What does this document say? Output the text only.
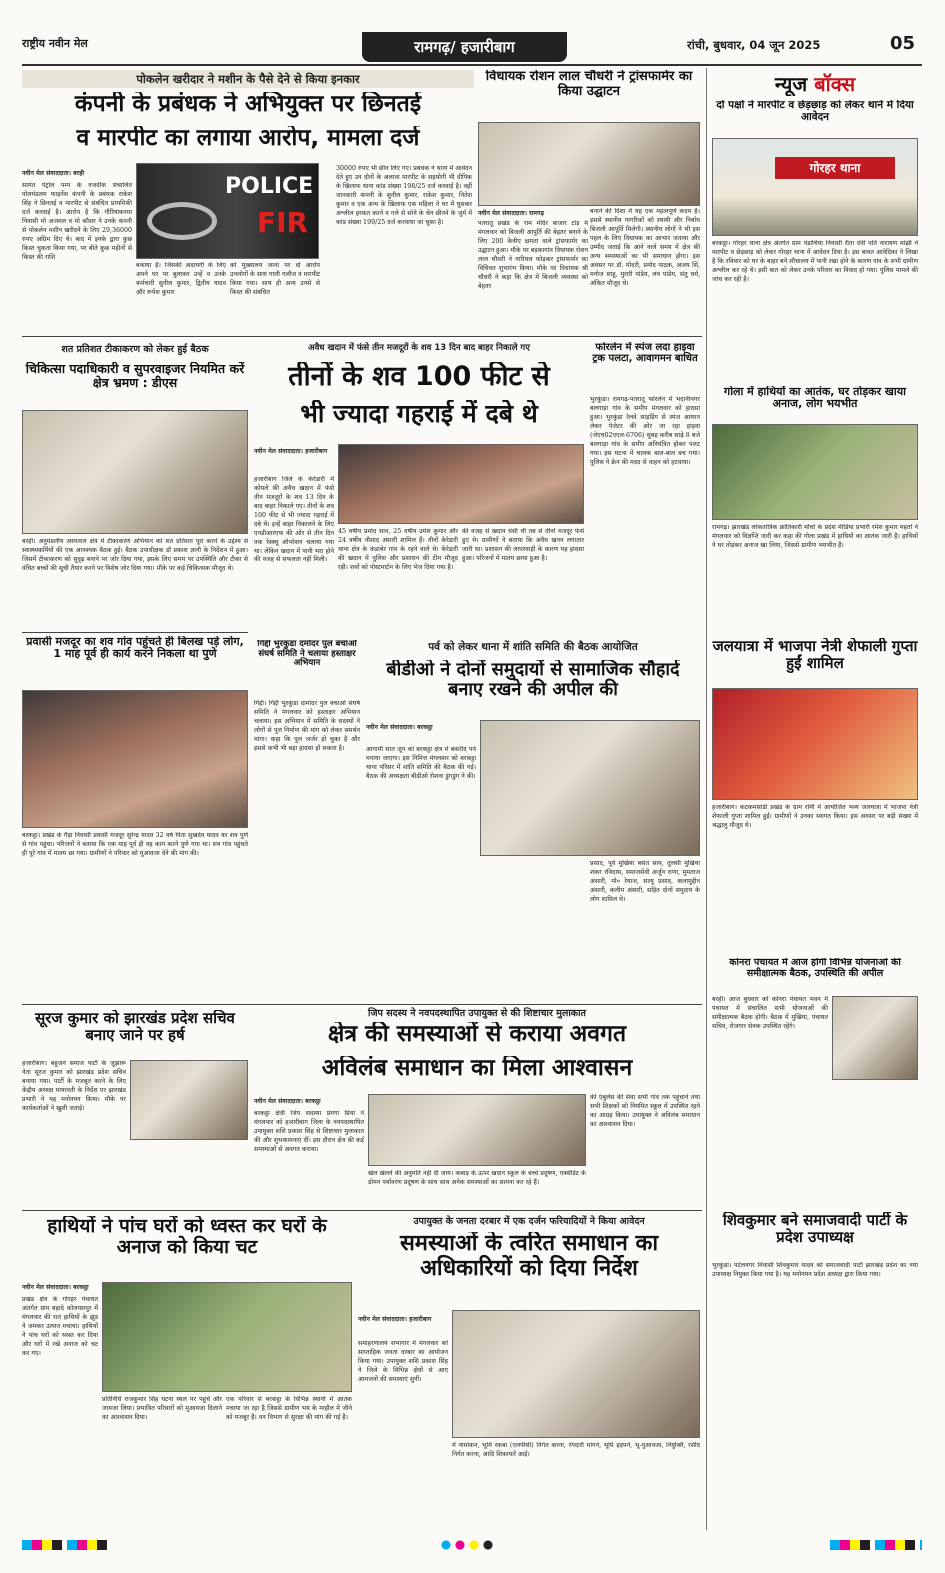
राष्ट्रीय नवीन मेल	रामगढ़/ हजारीबाग	रांची, बुधवार, 04 जून 2025	05
पोकलेन खरीदार ने मशीन के पैसे देने से किया इनकार
कंपनी के प्रबंधक ने अभियुक्त पर छिनतई
व मारपीट का लगाया आरोप, मामला दर्ज
नवीन मेल संवाददाता। बरही
POLICE
FIR
सामंत पेट्रोल पम्प के नजदीक संचालित पोलमंडलम फाइनेंस कंपनी के प्रबंधक राकेश सिंह ने छिनतई व मारपीट से संबंधित प्राथमिकी दर्ज करवाई है। आरोप है कि गौरियाकरमा निवासी मो अजमल व मो कौसर ने उनके कंपनी से पोकलेन मशीन खरीदने के लिए 29,36000 रुपए अग्रिम दिए थे। बाद में इनके द्वारा कुछ किस्त चुकता किया गया, पर बीते कुछ महीनों से किस्त की राशि
बकाया है। जिसकी अदायगी के लिए अपने घर पर बुलाकर उन्हें व उनके कर्मचारी सुनील कुमार, द्वितीय यादव और रूपेश कुमार
को मुख्यालय जाना पर दो आरोप उनलोगों के साथ गाली गलौज व मारपीट किया गया। साथ ही अन्य उनसे से किस्त की संबंधित
30000 रुपए भी छीन लिए गए। प्रबंधक ने थाना में आवेदन देते हुए उन दोनों के अलावा मारपीट के सहयोगी भी दीपिक के खिलाफ थाना कांड संख्या 198/25 दर्ज करवाई है। वहीं जानकारी कंपनी के सुनील कुमार, राकेश कुमार, नितेश कुमार व एक अन्य के खिलाफ एक महिला ने घर में घुसकर अश्लील हरकत करने व गले से सोने के चेन छीनने के जुर्म में कांड संख्या 199/25 दर्ज करवाया जा चुका है।
विधायक रोशन लाल चौधरी ने ट्रांसफार्मर का किया उद्घाटन
नवीन मेल संवाददाता। रामगढ़
पतरातू प्रखंड के राम मंदिर बाजार टांड़ में मंगलवार को बिजली आपूर्ति की बेहतर बनाने के लिए 200 केवीए क्षमता वाले ट्रांसफार्मर का उद्घाटन हुआ। मौके पर बड़कागांव विधायक रोशन लाल चौधरी ने नारियल फोड़कर ट्रांसफार्मर का विधिवत शुभारंभ किया। मौके पर विधायक श्री चौधरी ने कहा कि क्षेत्र में बिजली व्यवस्था को बेहतर
बनाने की दिशा में यह एक महत्वपूर्ण कदम है। इससे स्थानीय नागरिकों को स्थायी और निर्बाध बिजली आपूर्ति मिलेगी। स्थानीय लोगों ने भी इस पहल के लिए विधायक का आभार जताया और उम्मीद जताई कि आने वाले समय में क्षेत्र की अन्य समस्याओं का भी समाधान होगा। इस अवसर पर डॉ. मोदरी, प्रमोद पाठक, अजय सिं, मनोज साहू, मुरारी पांडेय, लव पांडेय, संतु धर्म, अंकित मौजूद थे।
न्यूज बॉक्स
दो पक्षों ने मारपीट व छेड़छाड़ को लेकर थाने में दिया आवेदन
गोरहर थाना
बरकट्ठा। गोरहर थाना क्षेत्र अंतर्गत ग्राम पंडाचिया निवासी रीता देवी पति नारायण मांझी ने मारपीट व छेड़छाड़ को लेकर गोरहर थाना में आवेदन दिया है। इस बावत आवेदिका ने लिखा है कि रविवार को घर के बाहर बने शौचालय में पानी रखा होने के कारण गांव के सभी ग्रामीण अश्लील कर रहे थे। इसी बात को लेकर उनके परिवार का विवाद हो गया। पुलिस मामले की जांच कर रही है।
गोला में हाथियों का आतंक, घर तोड़कर खाया अनाज, लोग भयभीत
रामगढ़। झारखंड लोकतांत्रिक क्रांतिकारी मोर्चा के प्रदेश मीडिया प्रभारी रमेश कुमार महतो ने मंगलवार को विज्ञप्ति जारी कर कहा की गोला प्रखंड में हाथियों का आतंक जारी है। हाथियों ने घर तोड़कर अनाज खा लिया, जिससे ग्रामीण भयभीत हैं।
जलयात्रा में भाजपा नेत्री शेफाली गुप्ता हुईं शामिल
हजारीबाग। कटकमसांडी प्रखंड के ग्राम रोमी में आयोजित भव्य जलयात्रा में भाजपा नेत्री शेफाली गुप्ता शामिल हुईं। ग्रामीणों ने उनका स्वागत किया। इस अवसर पर बड़ी संख्या में श्रद्धालु मौजूद थे।
कोनरा पंचायत में आज होगी विभिन्न योजनाओं की समीक्षात्मक बैठक, उपस्थिति की अपील
बरही। आज बुधवार को कोनरा पंचायत भवन में पंचायत में संचालित सभी योजनाओं की समीक्षात्मक बैठक होगी। बैठक में मुखिया, पंचायत सचिव, रोजगार सेवक उपस्थित रहेंगे।
शिवकुमार बने समाजवादी पार्टी के प्रदेश उपाध्यक्ष
भुरकुंडा। पटेलनगर निवासी शिवकुमार यादव को समाजवादी पार्टी झारखंड प्रदेश का नया उपाध्यक्ष नियुक्त किया गया है। यह मनोनयन प्रदेश अध्यक्ष द्वारा किया गया।
शत प्रतिशत टीकाकरण को लेकर हुई बैठक
चिकित्सा पदाधिकारी व सुपरवाइजर नियमित करें क्षेत्र भ्रमण : डीएस
बरही। अनुमंडलीय अस्पताल क्षेत्र में टीकाकरण अभियान को शत प्रतिशत पूरा करने के उद्देश्य से स्वास्थ्यकर्मियों की एक आवश्यक बैठक हुई। बैठक उपाधीक्षक डॉ प्रकाश ज्ञानी के निर्देशन में हुआ। जिसमें टीकाकरण को सुदृढ़ बनाने पर जोर दिया गया, इसके लिए समय पर उपस्थिति और टीका से वंचित बच्चों की सूची तैयार करने पर विशेष जोर दिया गया। मौके पर कई चिकित्सक मौजूद थे।
अवैध खदान में फंसे तीन मजदूरों के शव 13 दिन बाद बाहर निकाले गए
तीनों के शव 100 फीट से
भी ज्यादा गहराई में दबे थे
नवीन मेल संवाददाता। हजारीबाग
हजारीबाग जिले के केरेडारी में कोयले की अवैध खदान में फंसे तीन मजदूरों के शव 13 दिन के बाद बाहर निकाले गए। तीनों के शव 100 फीट से भी ज्यादा गहराई में दबे थे। इन्हें बाहर निकालने के लिए एनडीआरएफ की ओर से तीन दिन तक रेस्क्यू ऑपरेशन चलाया गया था। लेकिन खदान में पानी भरा होने की वजह से सफलता नहीं मिली।
45 वर्षीय प्रमोद साव, 25 वर्षीय उमेश कुमार और 24 वर्षीय नौशाद अंसारी शामिल हैं। तीनों केरेडारी थाना क्षेत्र के कंडाबेर गांव के रहने वाले थे। केरेडारी की खदान में पुलिस और प्रशासन की टीम मौजूद रही। शवों को पोस्टमार्टम के लिए भेज दिया गया है।
की वजह से खदान धंसी थी तब से तीनों मजदूर फंसे हुए थे। ग्रामीणों ने बताया कि अवैध खनन लगातार जारी था। प्रशासन की लापरवाही के कारण यह हादसा हुआ। परिजनों में मातम छाया हुआ है।
फोरलेन में स्पंज लदा हाइवा ट्रक पलटा, आवागमन बाधित
भुरकुंडा। रामगढ़-पतरातू फोरलेन में भदानीनगर बलगाड़ा गांव के समीप मंगलवार को हादसा हुआ। भुरकुंडा रेलवे साइडिंग से स्पंज आयरन लेकर पेजेटर की ओर जा रहा हाइवा (जेएच02एएल-6706) सुबह करीब साढ़े 8 बजे बलगाड़ा गांव के समीप अनियंत्रित होकर पलट गया। इस घटना में चालक बाल-बाल बच गया। पुलिस ने क्रेन की मदद से वाहन को हटवाया।
प्रवासी मजदूर का शव गांव पहुंचते ही बिलख पड़े लोग, 1 माह पूर्व ही कार्य करने निकला था पुणे
बरकट्ठा। प्रखंड के गैड़ा निवासी प्रवासी मजदूर सुरेन्द्र यादव 32 वर्ष पिता सुखदेव यादव का शव पुणे से गांव पहुंचा। परिजनों ने बताया कि एक माह पूर्व ही वह काम करने पुणे गया था। शव गांव पहुंचते ही पूरे गांव में मातम छा गया। ग्रामीणों ने परिवार को मुआवजा देने की मांग की।
गिद्दी भुरकुंडा दमोदर पुल बचाओ संघर्ष समिति ने चलाया हस्ताक्षर अभियान
गिद्दी। गिद्दी भुरकुंडा दामोदर पुल बचाओ संघर्ष समिति ने मंगलवार को हस्ताक्षर अभियान चलाया। इस अभियान में समिति के सदस्यों ने लोगों से पुल निर्माण की मांग को लेकर समर्थन मांगा। कहा कि पुल जर्जर हो चुका है और इससे कभी भी बड़ा हादसा हो सकता है।
पर्व को लेकर थाना में शांति समिति की बैठक आयोजित
बीडीओ ने दोनों समुदायों से सामाजिक सौहार्द बनाए रखने की अपील की
नवीन मेल संवाददाता। बरकट्ठा
आगामी सात जून को बरकट्ठा क्षेत्र में बकरीद पर्व मनाया जाएगा। इस निमित्त मंगलवार को बरकट्ठा थाना परिसर में शांति समिति की बैठक की गई। बैठक की अध्यक्षता बीडीओ रोशना डुंगडुंग ने की।
प्रसाद, पूर्व मुखिया बसंत साव, तुलसी मुखिया शंकर रविदास, समाजसेवी अर्जुन राणा, मुमताज अंसारी, मो० रेयाज, सरयू प्रसाद, कलामुद्दीन अंसारी, कलीम अंसारी, सहित दोनों समुदाय के लोग शामिल थे।
सूरज कुमार को झारखंड प्रदेश सचिव बनाए जाने पर हर्ष
हजारीबाग। बहुजन समाज पार्टी के जुझारू नेता सूरज कुमार को झारखंड प्रदेश सचिव बनाया गया। पार्टी के मजबूत करने के लिए केंद्रीय अध्यक्ष मायावती के निर्देश पर झारखंड प्रभारी ने यह मनोनयन किया। मौके पर कार्यकर्ताओं ने खुशी जताई।
जिप सदस्य ने नवपदस्थापित उपायुक्त से की शिष्टाचार मुलाकात
क्षेत्र की समस्याओं से कराया अवगत
अविलंब समाधान का मिला आश्वासन
नवीन मेल संवाददाता। बरकट्ठा
बरकट्ठा क्षेत्री जिप सदस्या प्रेरणा प्रिया ने मंगलवार को हजारीबाग जिला के नवपदस्थापित उपायुक्त शशि प्रकाश सिंह से शिष्टाचार मुलाकात की और शुभकामनाएं दीं। इस दौरान क्षेत्र की कई समस्याओं से अवगत कराया।
खेल खेलने की अनुमति नहीं दी जाय। कबाड़ के ऊपर खदान स्कूल के बच्चे प्रदूषण, एक्सीडेंट के डोमन पर्यावरण प्रदूषण के साथ साथ अनेक समस्याओं का सामना कर रहे हैं।
की एंबुलेंस की सेवा सभी गांव तक पहुंचाने तथा सभी शिक्षकों को नियमित स्कूल में उपस्थित रहने का आग्रह किया। उपायुक्त ने अविलंब समाधान का आश्वासन दिया।
हाथियों ने पांच घरों को ध्वस्त कर घरों के अनाज को किया चट
नवीन मेल संवाददाता। बरकट्ठा
प्रखंड क्षेत्र के गोरहर पंचायत अंतर्गत ग्राम बहादे कोलपसपुर में मंगलवार की रात हाथियों के झुंड ने जमकर उत्पात मचाया। हाथियों ने पांच घरों को ध्वस्त कर दिया और घरों में रखे अनाज को चट कर गए।
प्रतिनिधि राजकुमार सिंह घटना स्थल पर पहुंचे और जायजा लिया। प्रभावित परिवारों को मुआवजा दिलाने का आश्वासन दिया।
एक परिवार से बरकट्ठा के विभिन्न स्थानों में आतंक मचाया जा रहा है जिससे ग्रामीण भय के माहौल में जीने को मजबूर हैं। वन विभाग से सुरक्षा की मांग की गई है।
उपायुक्त के जनता दरबार में एक दर्जन फरियादियों ने किया आवेदन
समस्याओं के त्वरित समाधान का अधिकारियों को दिया निर्देश
नवीन मेल संवाददाता। हजारीबाग
समाहरणालय सभागार में मंगलवार को साप्ताहिक जनता दरबार का आयोजन किया गया। उपायुक्त शशि प्रकाश सिंह ने जिले के विभिन्न क्षेत्रों से आए आमजनों की समस्याएं सुनीं।
में नामांकन, भूमि रकबा (एलपीसी) निर्गत करना, रंगदारी मांगने, भूमि हड़पने, भू-मुआवजा, नियुक्ति, रसीद निर्गत करना, आदि शिकायतें आईं।
